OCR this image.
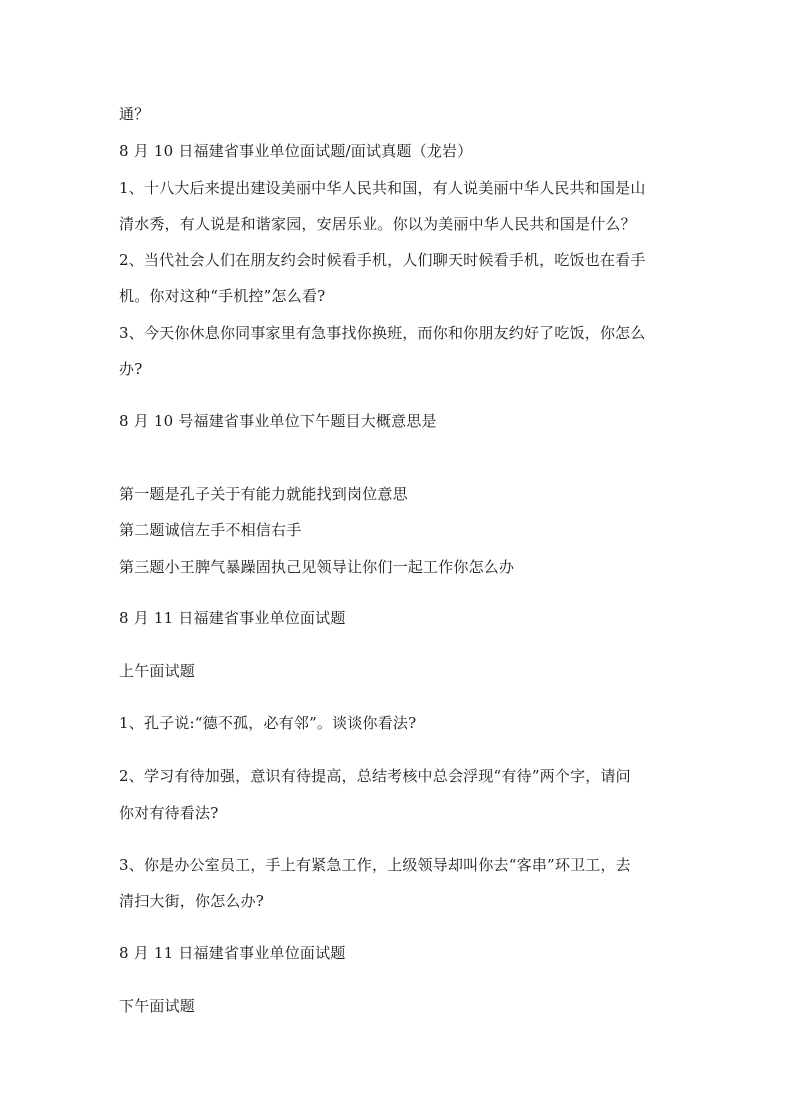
通？
8 月 10 日福建省事业单位面试题/面试真题（龙岩）
1、十八大后来提出建设美丽中华人民共和国，有人说美丽中华人民共和国是山
清水秀，有人说是和谐家园，安居乐业。你以为美丽中华人民共和国是什么？
2、当代社会人们在朋友约会时候看手机，人们聊天时候看手机，吃饭也在看手
机。你对这种“手机控”怎么看?
3、今天你休息你同事家里有急事找你换班，而你和你朋友约好了吃饭，你怎么
办?
8 月 10 号福建省事业单位下午题目大概意思是
第一题是孔子关于有能力就能找到岗位意思
第二题诚信左手不相信右手
第三题小王脾气暴躁固执己见领导让你们一起工作你怎么办
8 月 11 日福建省事业单位面试题
上午面试题
1、孔子说:“德不孤，必有邻”。谈谈你看法?
2、学习有待加强，意识有待提高，总结考核中总会浮现“有待”两个字，请问
你对有待看法?
3、你是办公室员工，手上有紧急工作，上级领导却叫你去“客串”环卫工，去
清扫大街，你怎么办?
8 月 11 日福建省事业单位面试题
下午面试题
